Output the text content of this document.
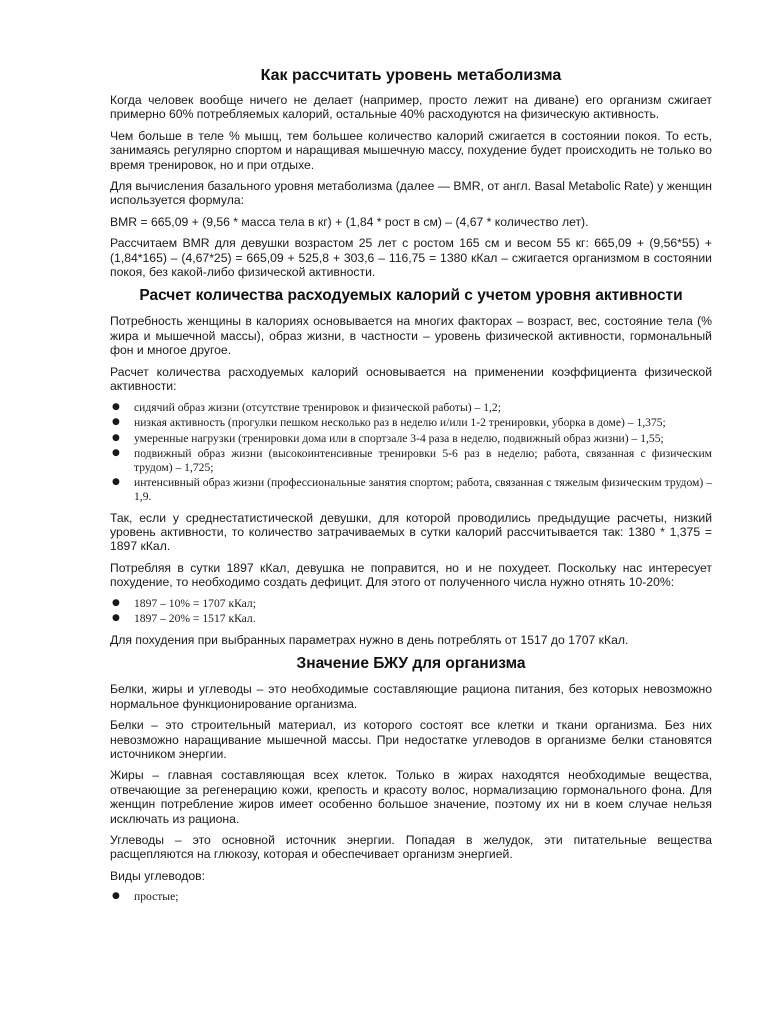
Как рассчитать уровень метаболизма

Когда человек вообще ничего не делает (например, просто лежит на диване) его организм сжигает примерно 60% потребляемых калорий, остальные 40% расходуются на физическую активность.

Чем больше в теле % мышц, тем большее количество калорий сжигается в состоянии покоя. То есть, занимаясь регулярно спортом и наращивая мышечную массу, похудение будет происходить не только во время тренировок, но и при отдыхе.

Для вычисления базального уровня метаболизма (далее — BMR, от англ. Basal Metabolic Rate) у женщин используется формула:

BMR = 665,09 + (9,56 * масса тела в кг) + (1,84 * рост в см) – (4,67 * количество лет).

Рассчитаем BMR для девушки возрастом 25 лет с ростом 165 см и весом 55 кг: 665,09 + (9,56*55) + (1,84*165) – (4,67*25) = 665,09 + 525,8 + 303,6 – 116,75 = 1380 кКал – сжигается организмом в состоянии покоя, без какой-либо физической активности.

Расчет количества расходуемых калорий с учетом уровня активности

Потребность женщины в калориях основывается на многих факторах – возраст, вес, состояние тела (% жира и мышечной массы), образ жизни, в частности – уровень физической активности, гормональный фон и многое другое.

Расчет количества расходуемых калорий основывается на применении коэффициента физической активности:

● сидячий образ жизни (отсутствие тренировок и физической работы) – 1,2;
● низкая активность (прогулки пешком несколько раз в неделю и/или 1-2 тренировки, уборка в доме) – 1,375;
● умеренные нагрузки (тренировки дома или в спортзале 3-4 раза в неделю, подвижный образ жизни) – 1,55;
● подвижный образ жизни (высокоинтенсивные тренировки 5-6 раз в неделю; работа, связанная с физическим трудом) – 1,725;
● интенсивный образ жизни (профессиональные занятия спортом; работа, связанная с тяжелым физическим трудом) – 1,9.

Так, если у среднестатистической девушки, для которой проводились предыдущие расчеты, низкий уровень активности, то количество затрачиваемых в сутки калорий рассчитывается так: 1380 * 1,375 = 1897 кКал.

Потребляя в сутки 1897 кКал, девушка не поправится, но и не похудеет. Поскольку нас интересует похудение, то необходимо создать дефицит. Для этого от полученного числа нужно отнять 10-20%:

● 1897 – 10% = 1707 кКал;
● 1897 – 20% = 1517 кКал.

Для похудения при выбранных параметрах нужно в день потреблять от 1517 до 1707 кКал.

Значение БЖУ для организма

Белки, жиры и углеводы – это необходимые составляющие рациона питания, без которых невозможно нормальное функционирование организма.

Белки – это строительный материал, из которого состоят все клетки и ткани организма. Без них невозможно наращивание мышечной массы. При недостатке углеводов в организме белки становятся источником энергии.

Жиры – главная составляющая всех клеток. Только в жирах находятся необходимые вещества, отвечающие за регенерацию кожи, крепость и красоту волос, нормализацию гормонального фона. Для женщин потребление жиров имеет особенно большое значение, поэтому их ни в коем случае нельзя исключать из рациона.

Углеводы – это основной источник энергии. Попадая в желудок, эти питательные вещества расщепляются на глюкозу, которая и обеспечивает организм энергией.

Виды углеводов:

● простые;
